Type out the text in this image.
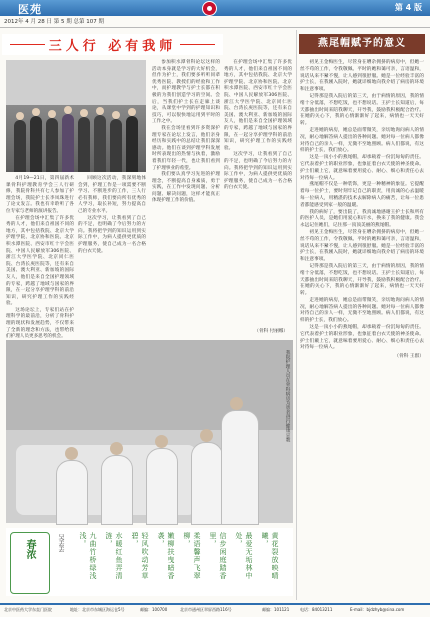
医苑	第 4 版
2012年 4 月 28 日 第 5 期 总第 107 期
三人行 必有我师

4月19—21日，第四届新术课骨科护理教育学会三人行研修，我院骨科共有七人参加了护理会场，我院护士长李凤珠进行了论文发言。我也有幸聆听了各位专家与老师的演讲报告。

在护理会场中汇集了许多优秀的人才，他们来自祖国不同的地方，其中包括我院、北京大学护理学院、北京协和医院、北京积水潭医院、西安市红十字会医院、中国人民解放军306医院、浙江大学医学院、北京同仁医院、台湾长庚医院等，还有来自美国、澳大利亚、新加坡的国际友人，他们是来自全国护理领域的专家，跨越了地域与国家的界限，在一起分享护理学科的前沿知识，研究护理工作的实践经验。

这场论坛上，专家们站在护理科学的最前沿，分析了骨科护理的现状和发展趋势，不仅带来了全新的理念和方法，也带给我们护理人员更多思考的机会。

回顾这次活动，我深刻地体会到，护理工作是一项需要不断学习、不断进步的工作，三人行必有我师，我们要向所有优秀的人学习，取长补短，努力提高自己的专业水平。

这次学习，让我看到了自己的不足，也明确了今后努力的方向。我将把学到的知识运用到实际工作中，为病人提供更优质的护理服务，使自己成为一名合格的白衣天使。

参加积水潭骨科论坛这样的活动本身就是学习的大好机会，但作为护士，我们要多听听同辈优秀医院、教授们的经验和工作中，而护理教学与护士长都在积极的为我们创造学习的空间。会后，当我们护士长在走廊上谈论，从课堂中学到的护理知识和技巧，可以很快地运用到平时的工作之中。

我在会场里看到许多资深护理专家在论坛上发言，他们亲身经历和实践中的总结让我们深深感动。他们在谈到护理学科发展时所表现出的热情与执着，激励着我们年轻一代，也让我们看到了护理事业的希望。

我们要认真学习先进的护理理念，不断提高自身素质，勇于实践，在工作中发现问题、分析问题、解决问题，这样才能真正体现护理工作的价值。

在护理会场中汇集了许多优秀的人才，他们来自祖国不同的地方，其中包括我院、北京大学护理学院、北京协和医院、北京积水潭医院、西安市红十字会医院、中国人民解放军306医院、浙江大学医学院、北京同仁医院、台湾长庚医院等，还有来自美国、澳大利亚、新加坡的国际友人，他们是来自全国护理领域的专家，跨越了地域与国家的界限，在一起分享护理学科的前沿知识，研究护理工作的实践经验。

这次学习，让我看到了自己的不足，也明确了今后努力的方向。我将把学到的知识运用到实际工作中，为病人提供更优质的护理服务，使自己成为一名合格的白衣天使。

（骨科 付丽娜）
燕尾帽赋予的意义

初见王金梅医生，尽管身在嘈杂拥挤的病房中，但她一丝不苟的工作，令我敬佩。平时的她和蔼可亲，言语温和，说话从来不紧不慢，让人感到很舒服。她是一位经验丰富的护士长，在我刚入院时，她就详细地向我介绍了病房的环境和注意事项。

记得那是我入院后的第三天，由于病情的原因，我的情绪十分低落，不想吃饭，也不想说话。王护士长知道后，每天都抽出时间来陪我聊天，开导我，鼓励我积极配合治疗。在她的关心下，我的心情渐渐好了起来，病情也一天天好转。

走进她的病房，她总是面带微笑，亲切地询问病人的情况，耐心地解答病人提出的各种问题。她对每一位病人都像对待自己的亲人一样，无微不至地照顾。病人们都说，有这样的护士长，我们放心。

这是一顶小小的燕尾帽，却承载着一份沉甸甸的责任。它代表着护士的职业形象，也象征着白衣天使的神圣使命。护士们戴上它，就意味着要用爱心、耐心、细心和责任心去对待每一位病人。

燕尾帽不仅是一种装饰，更是一种精神的象征。它提醒着每一位护士，要时刻牢记自己的职责，用真诚的心去温暖每一位病人，用精湛的技术去解除病人的痛苦，让每一位患者都能感受到家一般的温暖。

我的病好了，要出院了，我真诚地感谢王护士长和所有的医护人员，是她们用爱心和汗水，换来了我的健康。我会永远记住她们，记住那一顶顶美丽的燕尾帽。

初见王金梅医生，尽管身在嘈杂拥挤的病房中，但她一丝不苟的工作，令我敬佩。平时的她和蔼可亲，言语温和，说话从来不紧不慢，让人感到很舒服。她是一位经验丰富的护士长，在我刚入院时，她就详细地向我介绍了病房的环境和注意事项。

记得那是我入院后的第三天，由于病情的原因，我的情绪十分低落，不想吃饭，也不想说话。王护士长知道后，每天都抽出时间来陪我聊天，开导我，鼓励我积极配合治疗。在她的关心下，我的心情渐渐好了起来，病情也一天天好转。

走进她的病房，她总是面带微笑，亲切地询问病人的情况，耐心地解答病人提出的各种问题。她对每一位病人都像对待自己的亲人一样，无微不至地照顾。病人们都说，有这样的护士长，我们放心。

这是一顶小小的燕尾帽，却承载着一份沉甸甸的责任。它代表着护士的职业形象，也象征着白衣天使的神圣使命。护士们戴上它，就意味着要用爱心、耐心、细心和责任心去对待每一位病人。

（骨科 王群）
我院护理人员在骨科病房为患者进行健康宣教
春浓	吴丢丢	黄花裂放映晴曦，
最爱无垢林中处，
信步闲庭踏香里，
柔语馨声飞翠柳，
嫩柳扶曳暗香袭，
轻风吹动芳草碧，
水暖红鱼弄清涟，
九曲竹桥绿浅浅。
北京中医药大学东直门医院	地址：北京市东城区海运仓5号	邮编：100700	北京市通州区翠屏西路116号	邮编：101121	电话：84013211	E-mail：bjdzhyb@sina.com
